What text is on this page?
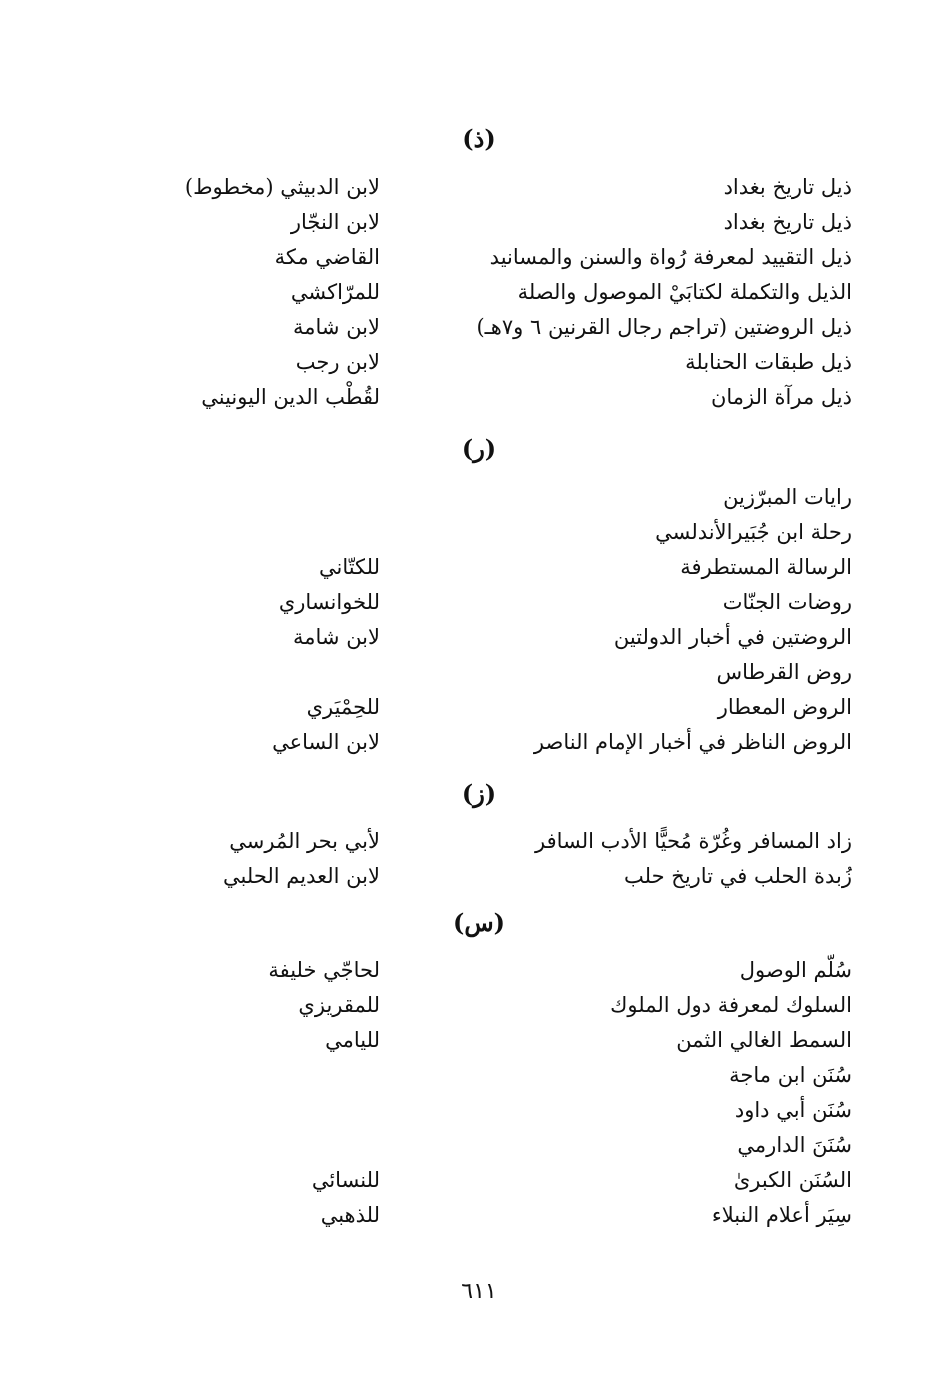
(ذ)
ذيل تاريخ بغداد
لابن الدبيثي (مخطوط)
ذيل تاريخ بغداد
لابن النجّار
ذيل التقييد لمعرفة رُواة والسنن والمسانيد
القاضي مكة
الذيل والتكملة لكتابَيْ الموصول والصلة
للمرّاكشي
ذيل الروضتين (تراجم رجال القرنين ٦ و٧هـ)
لابن شامة
ذيل طبقات الحنابلة
لابن رجب
ذيل مرآة الزمان
لقُطْب الدين اليونيني
(ر)
رايات المبرّزين
رحلة ابن جُبَيرالأندلسي
الرسالة المستطرفة
للكتّاني
روضات الجنّات
للخوانساري
الروضتين في أخبار الدولتين
لابن شامة
روض القرطاس
الروض المعطار
للحِمْيَري
الروض الناظر في أخبار الإمام الناصر
لابن الساعي
(ز)
زاد المسافر وغُرّة مُحيًّا الأدب السافر
لأبي بحر المُرسي
زُبدة الحلب في تاريخ حلب
لابن العديم الحلبي
(س)
سُلّم الوصول
لحاجّي خليفة
السلوك لمعرفة دول الملوك
للمقريزي
السمط الغالي الثمن
لليامي
سُنَن ابن ماجة
سُنَن أبي داود
سُنَنَ الدارمي
السُنَن الكبرىٰ
للنسائي
سِيَر أعلام النبلاء
للذهبي
٦١١
